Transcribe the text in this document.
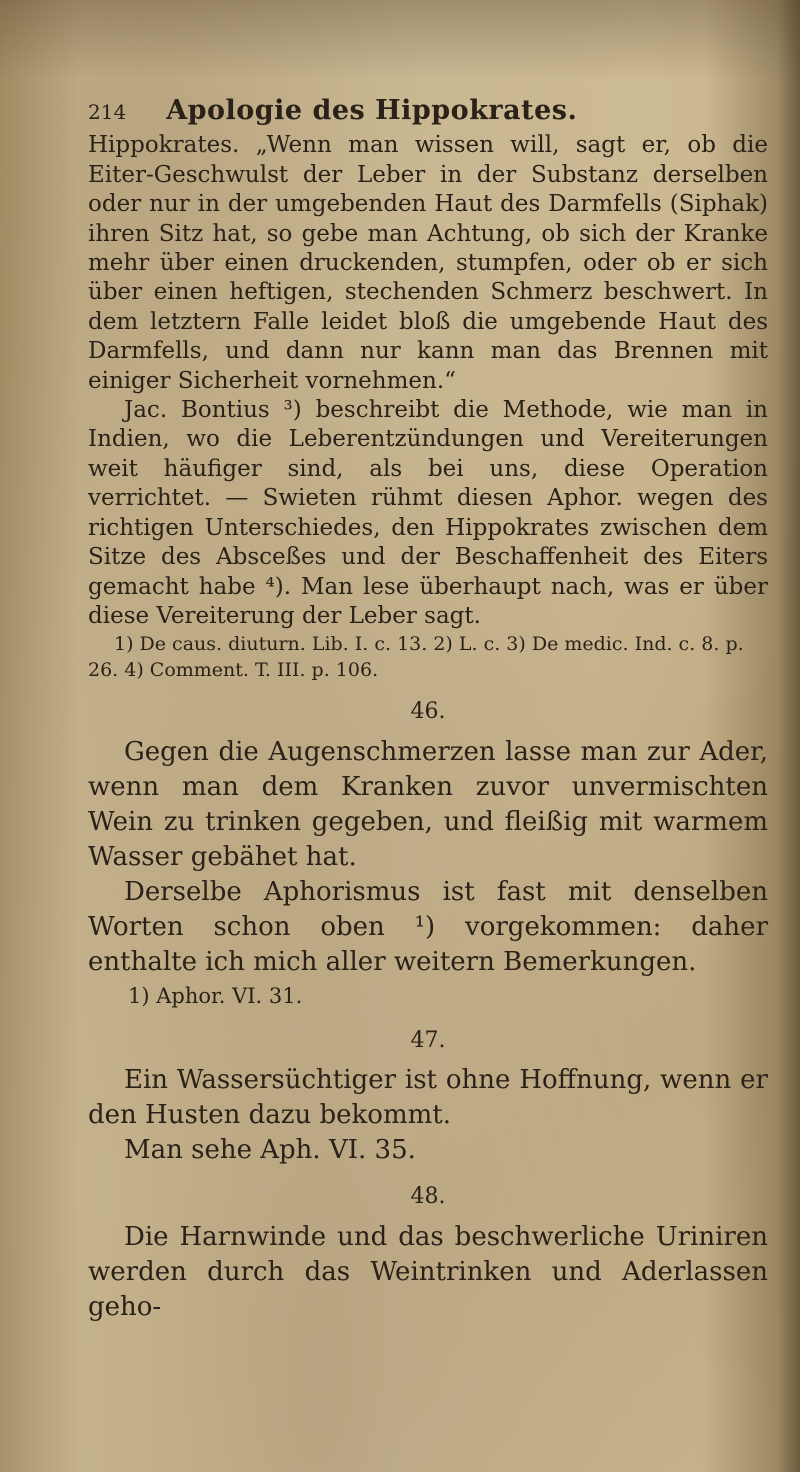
214 Apologie des Hippokrates.

Hippokrates. „Wenn man wissen will, sagt er, ob die Eiter-Geschwulst der Leber in der Substanz derselben oder nur in der umgebenden Haut des Darmfells (Siphak) ihren Sitz hat, so gebe man Achtung, ob sich der Kranke mehr über einen druckenden, stumpfen, oder ob er sich über einen heftigen, stechenden Schmerz beschwert. In dem letztern Falle leidet bloß die umgebende Haut des Darmfells, und dann nur kann man das Brennen mit einiger Sicherheit vornehmen.“

Jac. Bontius ³) beschreibt die Methode, wie man in Indien, wo die Leberentzündungen und Vereiterungen weit häufiger sind, als bei uns, diese Operation verrichtet. — Swieten rühmt diesen Aphor. wegen des richtigen Unterschiedes, den Hippokrates zwischen dem Sitze des Absceßes und der Beschaffenheit des Eiters gemacht habe ⁴). Man lese überhaupt nach, was er über diese Vereiterung der Leber sagt.

1) De caus. diuturn. Lib. I. c. 13. 2) L. c. 3) De medic. Ind. c. 8. p. 26. 4) Comment. T. III. p. 106.

46.

Gegen die Augenschmerzen lasse man zur Ader, wenn man dem Kranken zuvor unvermischten Wein zu trinken gegeben, und fleißig mit warmem Wasser gebähet hat.

Derselbe Aphorismus ist fast mit denselben Worten schon oben ¹) vorgekommen: daher enthalte ich mich aller weitern Bemerkungen.

1) Aphor. VI. 31.

47.

Ein Wassersüchtiger ist ohne Hoffnung, wenn er den Husten dazu bekommt.

Man sehe Aph. VI. 35.

48.

Die Harnwinde und das beschwerliche Uriniren werden durch das Weintrinken und Aderlassen geho-
